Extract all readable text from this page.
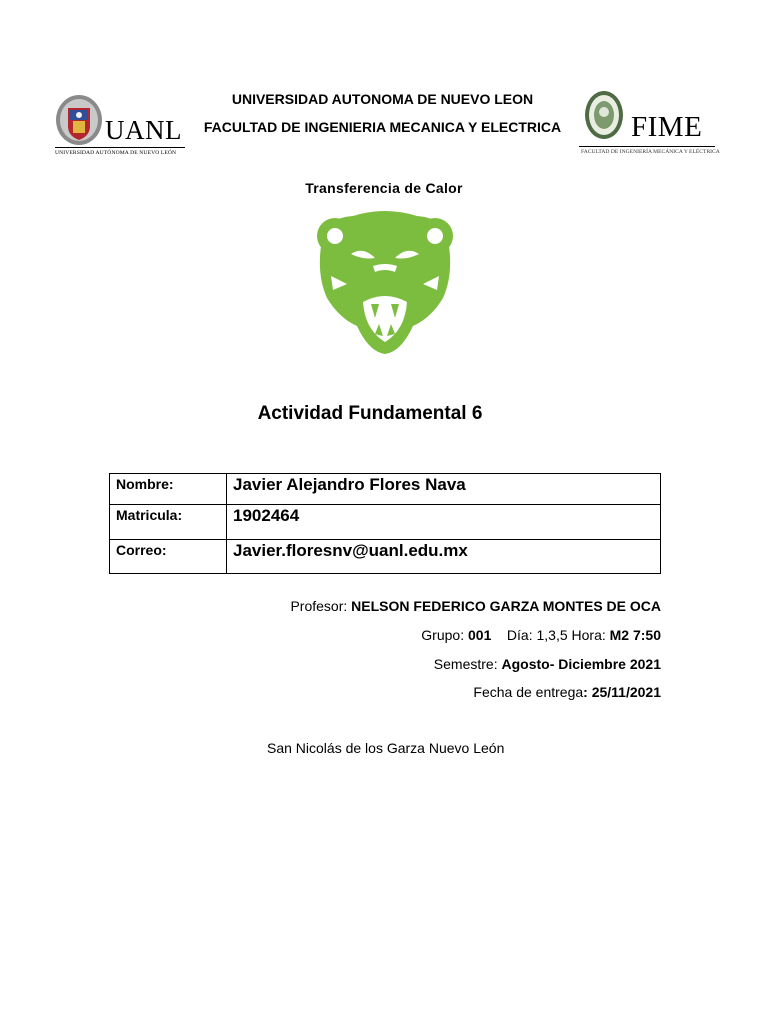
UANL
UNIVERSIDAD AUTÓNOMA DE NUEVO LEÓN
UNIVERSIDAD AUTONOMA DE NUEVO LEON
FACULTAD DE INGENIERIA MECANICA Y ELECTRICA	FIME
FACULTAD DE INGENIERÍA MECÁNICA Y ELÉCTRICA
Transferencia de Calor
Actividad Fundamental 6
Nombre:	Javier Alejandro Flores Nava
Matricula:	1902464
Correo:	Javier.floresnv@uanl.edu.mx
Profesor: NELSON FEDERICO GARZA MONTES DE OCA
Grupo: 001 Día: 1,3,5 Hora: M2 7:50
Semestre: Agosto- Diciembre 2021
Fecha de entrega: 25/11/2021
San Nicolás de los Garza Nuevo León
